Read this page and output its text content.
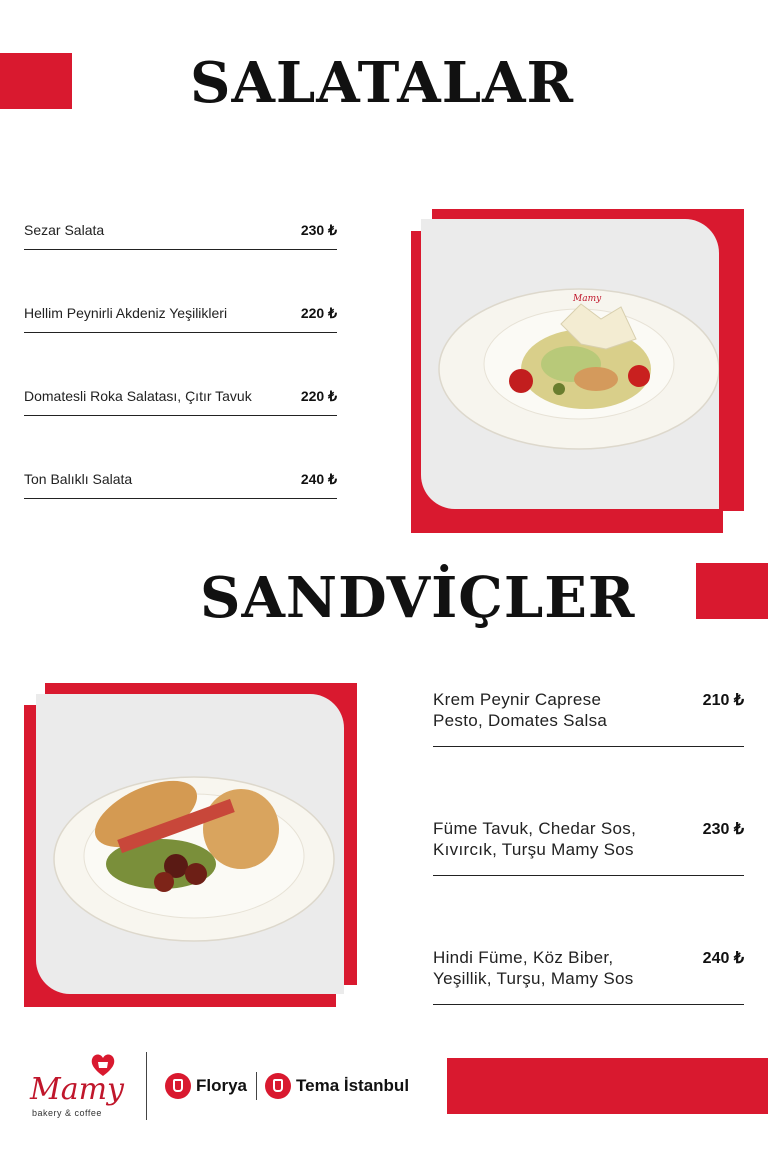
SALATALAR
Sezar Salata	230 ₺
Hellim Peynirli Akdeniz Yeşilikleri	220 ₺
Domatesli Roka Salatası, Çıtır Tavuk	220 ₺
Ton Balıklı Salata	240 ₺
Mamy
SANDVİÇLER
Krem Peynir Caprese
Pesto, Domates Salsa
210 ₺
Füme Tavuk, Chedar Sos,
Kıvırcık, Turşu Mamy Sos
230 ₺
Hindi Füme, Köz Biber,
Yeşillik, Turşu, Mamy Sos
240 ₺
Mamy
bakery & coffee
Florya	Tema İstanbul
